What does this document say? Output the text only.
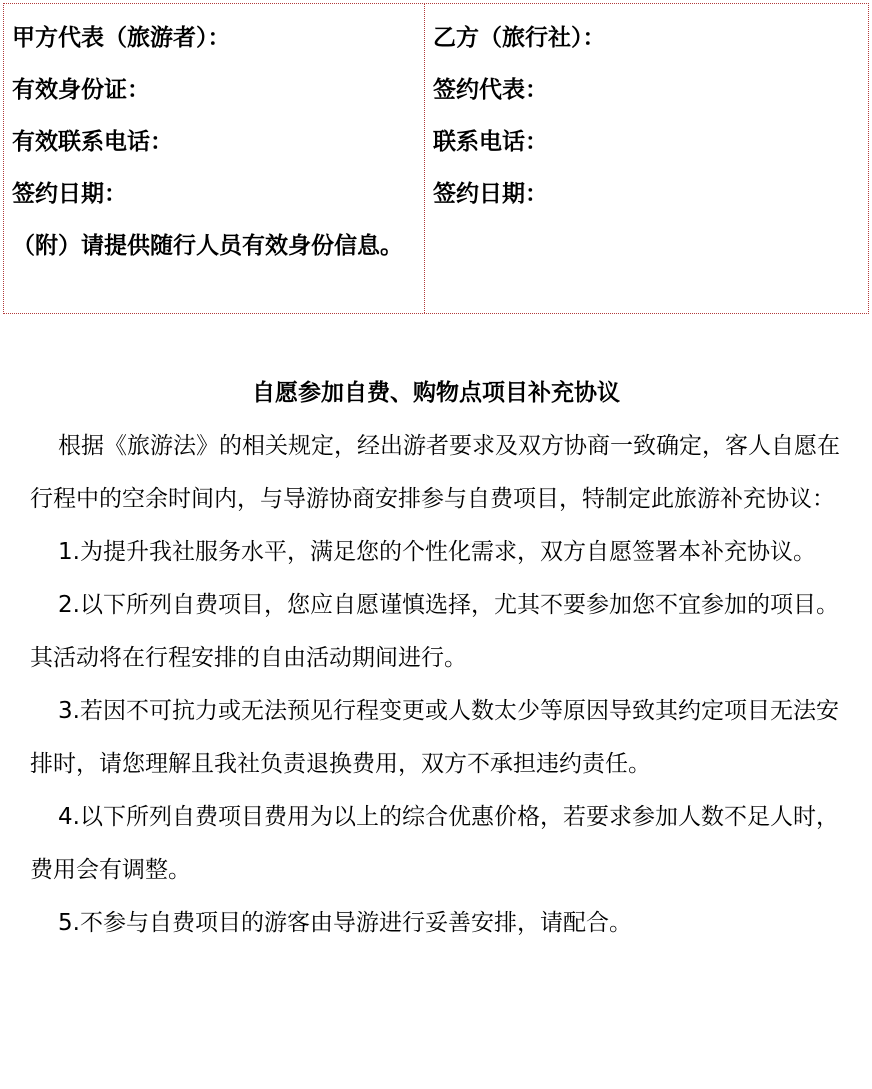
甲方代表（旅游者）：
有效身份证：
有效联系电话：
签约日期：
（附）请提供随行人员有效身份信息。
乙方（旅行社）：
签约代表：
联系电话：
签约日期：
自愿参加自费、购物点项目补充协议

根据《旅游法》的相关规定，经出游者要求及双方协商一致确定，客人自愿在行程中的空余时间内，与导游协商安排参与自费项目，特制定此旅游补充协议：

1.为提升我社服务水平，满足您的个性化需求，双方自愿签署本补充协议。

2.以下所列自费项目，您应自愿谨慎选择，尤其不要参加您不宜参加的项目。其活动将在行程安排的自由活动期间进行。

3.若因不可抗力或无法预见行程变更或人数太少等原因导致其约定项目无法安排时，请您理解且我社负责退换费用，双方不承担违约责任。

4.以下所列自费项目费用为以上的综合优惠价格，若要求参加人数不足人时，费用会有调整。

5.不参与自费项目的游客由导游进行妥善安排，请配合。
